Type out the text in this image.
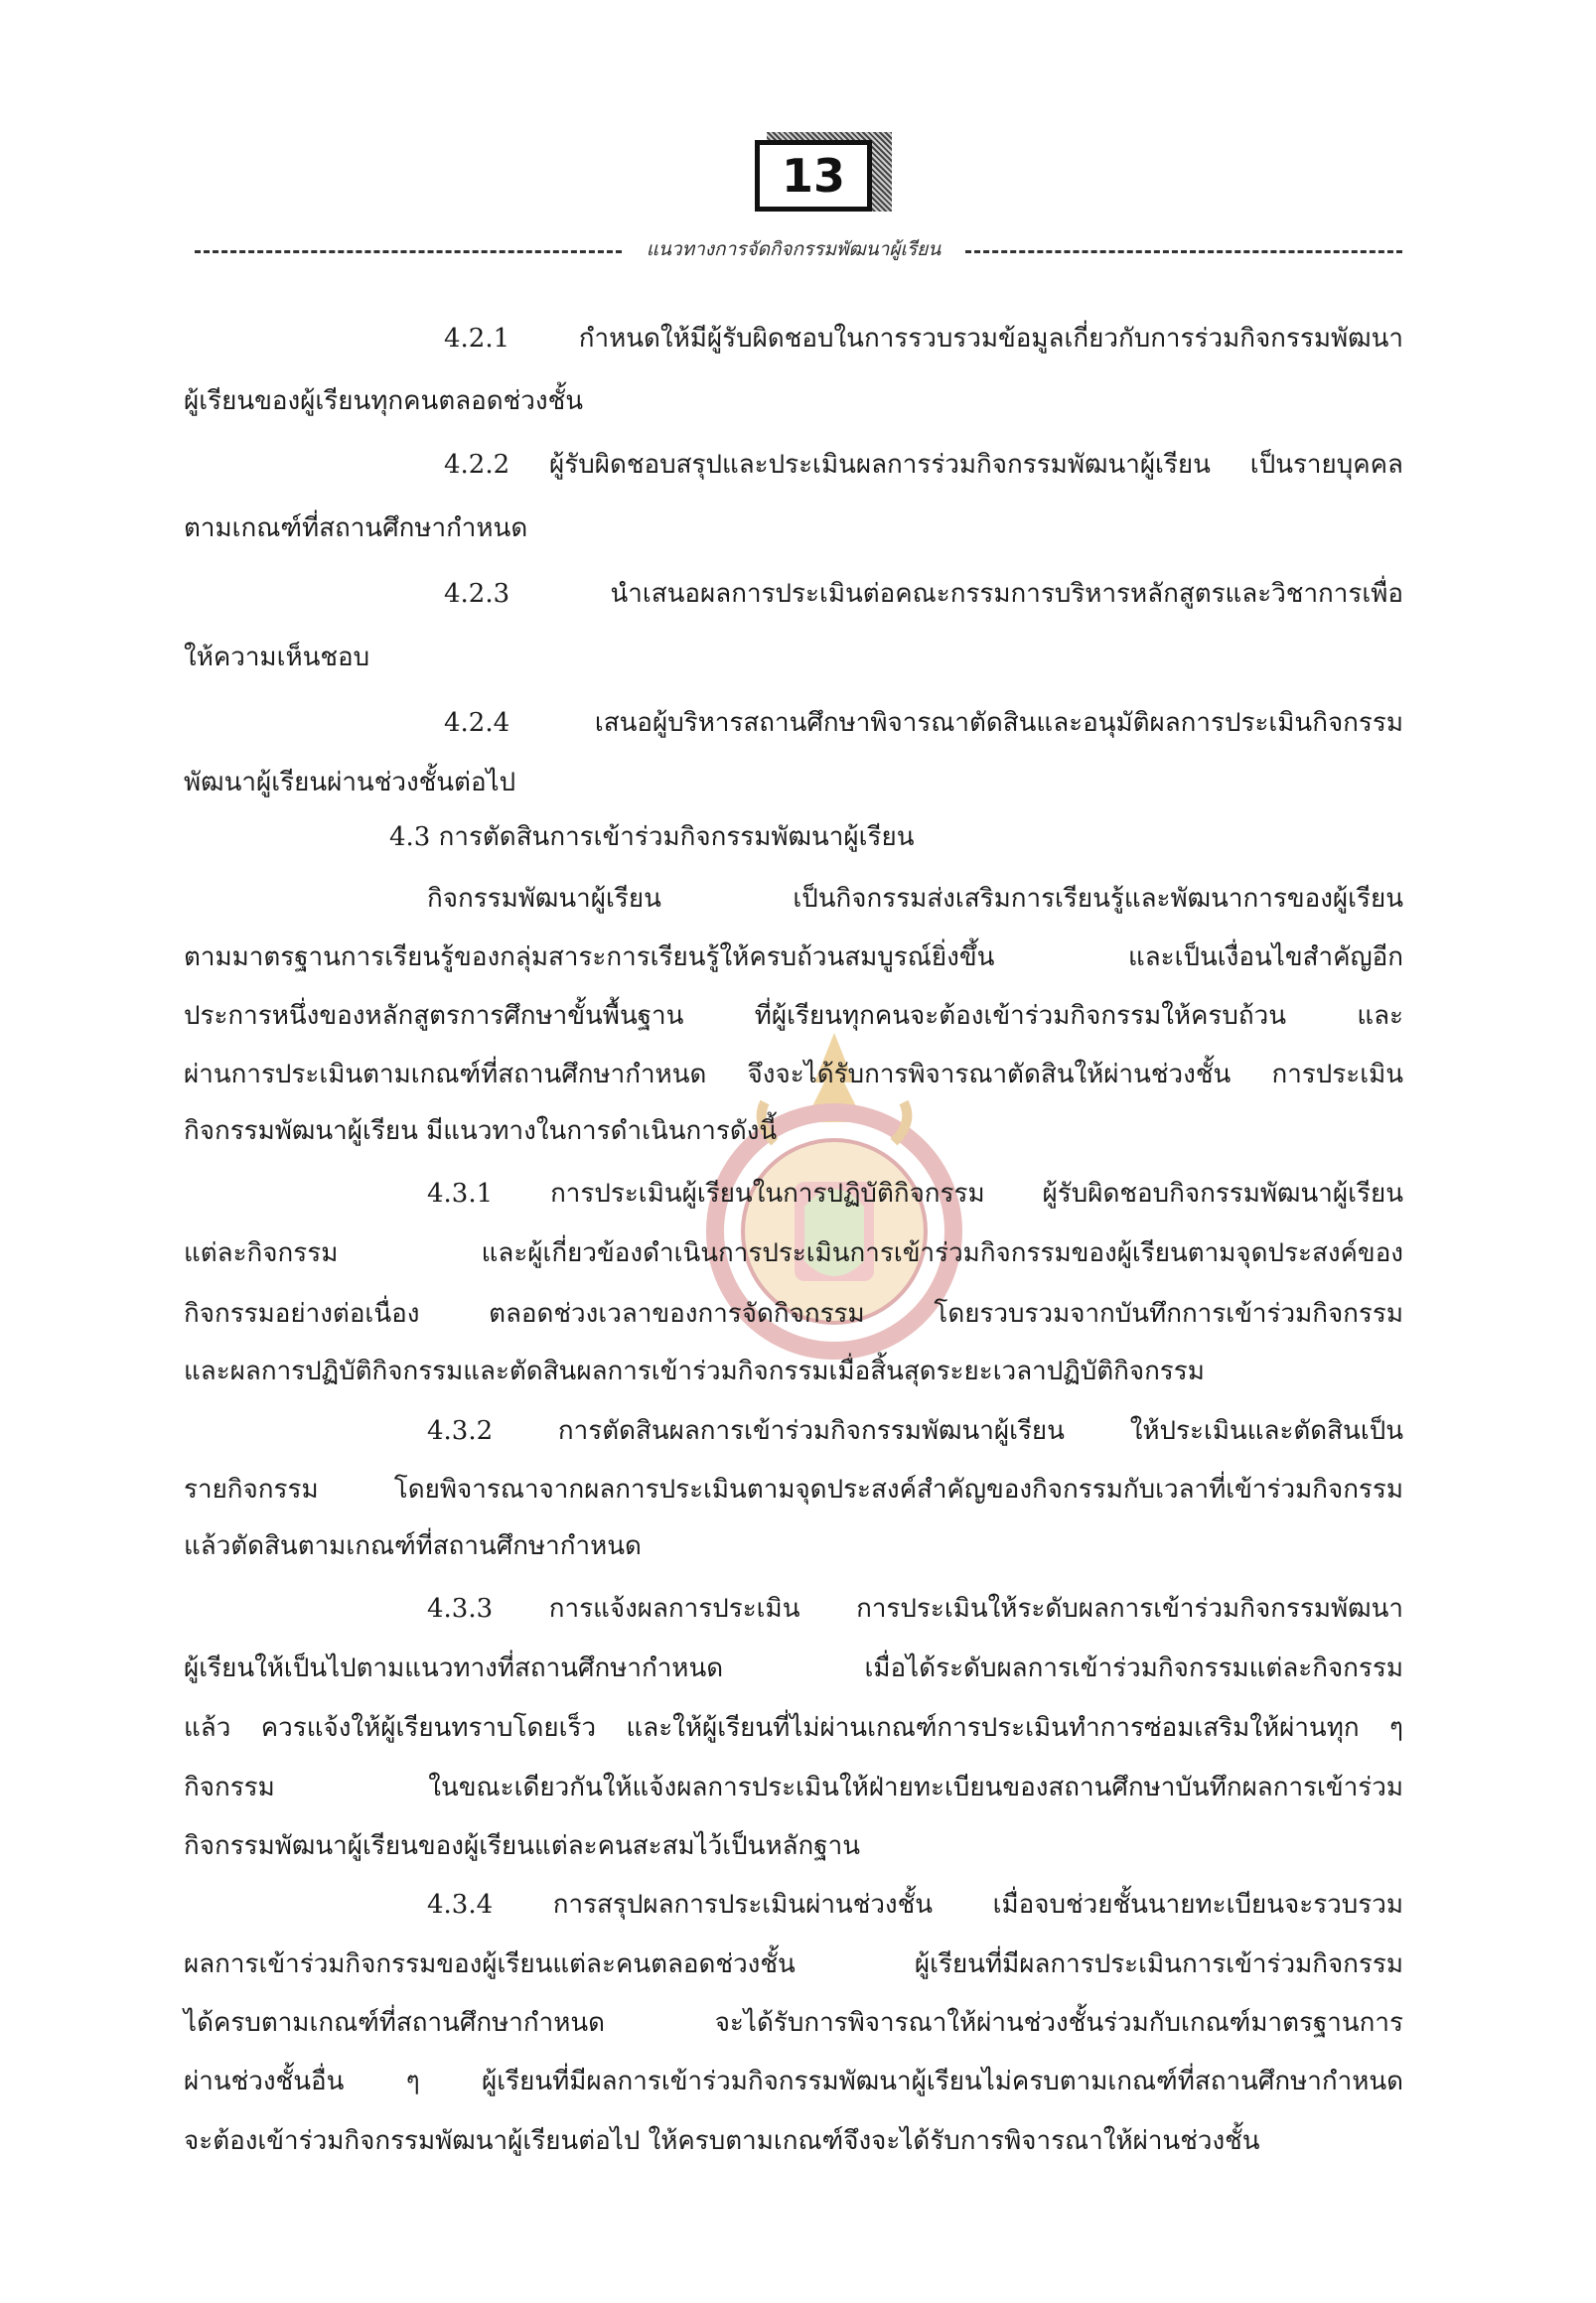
13
แนวทางการจัดกิจกรรมพัฒนาผู้เรียน
4.2.1 กำหนดให้มีผู้รับผิดชอบในการรวบรวมข้อมูลเกี่ยวกับการร่วมกิจกรรมพัฒนา
ผู้เรียนของผู้เรียนทุกคนตลอดช่วงชั้น
4.2.2 ผู้รับผิดชอบสรุปและประเมินผลการร่วมกิจกรรมพัฒนาผู้เรียน เป็นรายบุคคล
ตามเกณฑ์ที่สถานศึกษากำหนด
4.2.3 นำเสนอผลการประเมินต่อคณะกรรมการบริหารหลักสูตรและวิชาการเพื่อ
ให้ความเห็นชอบ
4.2.4 เสนอผู้บริหารสถานศึกษาพิจารณาตัดสินและอนุมัติผลการประเมินกิจกรรม
พัฒนาผู้เรียนผ่านช่วงชั้นต่อไป
4.3 การตัดสินการเข้าร่วมกิจกรรมพัฒนาผู้เรียน
กิจกรรมพัฒนาผู้เรียน เป็นกิจกรรมส่งเสริมการเรียนรู้และพัฒนาการของผู้เรียน
ตามมาตรฐานการเรียนรู้ของกลุ่มสาระการเรียนรู้ให้ครบถ้วนสมบูรณ์ยิ่งขึ้น และเป็นเงื่อนไขสำคัญอีก
ประการหนึ่งของหลักสูตรการศึกษาขั้นพื้นฐาน ที่ผู้เรียนทุกคนจะต้องเข้าร่วมกิจกรรมให้ครบถ้วน และ
ผ่านการประเมินตามเกณฑ์ที่สถานศึกษากำหนด จึงจะได้รับการพิจารณาตัดสินให้ผ่านช่วงชั้น การประเมิน
กิจกรรมพัฒนาผู้เรียน มีแนวทางในการดำเนินการดังนี้
4.3.1 การประเมินผู้เรียนในการปฏิบัติกิจกรรม ผู้รับผิดชอบกิจกรรมพัฒนาผู้เรียน
แต่ละกิจกรรม และผู้เกี่ยวข้องดำเนินการประเมินการเข้าร่วมกิจกรรมของผู้เรียนตามจุดประสงค์ของ
กิจกรรมอย่างต่อเนื่อง ตลอดช่วงเวลาของการจัดกิจกรรม โดยรวบรวมจากบันทึกการเข้าร่วมกิจกรรม
และผลการปฏิบัติกิจกรรมและตัดสินผลการเข้าร่วมกิจกรรมเมื่อสิ้นสุดระยะเวลาปฏิบัติกิจกรรม
4.3.2 การตัดสินผลการเข้าร่วมกิจกรรมพัฒนาผู้เรียน ให้ประเมินและตัดสินเป็น
รายกิจกรรม โดยพิจารณาจากผลการประเมินตามจุดประสงค์สำคัญของกิจกรรมกับเวลาที่เข้าร่วมกิจกรรม
แล้วตัดสินตามเกณฑ์ที่สถานศึกษากำหนด
4.3.3 การแจ้งผลการประเมิน การประเมินให้ระดับผลการเข้าร่วมกิจกรรมพัฒนา
ผู้เรียนให้เป็นไปตามแนวทางที่สถานศึกษากำหนด เมื่อได้ระดับผลการเข้าร่วมกิจกรรมแต่ละกิจกรรม
แล้ว ควรแจ้งให้ผู้เรียนทราบโดยเร็ว และให้ผู้เรียนที่ไม่ผ่านเกณฑ์การประเมินทำการซ่อมเสริมให้ผ่านทุก ๆ
กิจกรรม ในขณะเดียวกันให้แจ้งผลการประเมินให้ฝ่ายทะเบียนของสถานศึกษาบันทึกผลการเข้าร่วม
กิจกรรมพัฒนาผู้เรียนของผู้เรียนแต่ละคนสะสมไว้เป็นหลักฐาน
4.3.4 การสรุปผลการประเมินผ่านช่วงชั้น เมื่อจบช่วยชั้นนายทะเบียนจะรวบรวม
ผลการเข้าร่วมกิจกรรมของผู้เรียนแต่ละคนตลอดช่วงชั้น ผู้เรียนที่มีผลการประเมินการเข้าร่วมกิจกรรม
ได้ครบตามเกณฑ์ที่สถานศึกษากำหนด จะได้รับการพิจารณาให้ผ่านช่วงชั้นร่วมกับเกณฑ์มาตรฐานการ
ผ่านช่วงชั้นอื่น ๆ ผู้เรียนที่มีผลการเข้าร่วมกิจกรรมพัฒนาผู้เรียนไม่ครบตามเกณฑ์ที่สถานศึกษากำหนด
จะต้องเข้าร่วมกิจกรรมพัฒนาผู้เรียนต่อไป ให้ครบตามเกณฑ์จึงจะได้รับการพิจารณาให้ผ่านช่วงชั้น
